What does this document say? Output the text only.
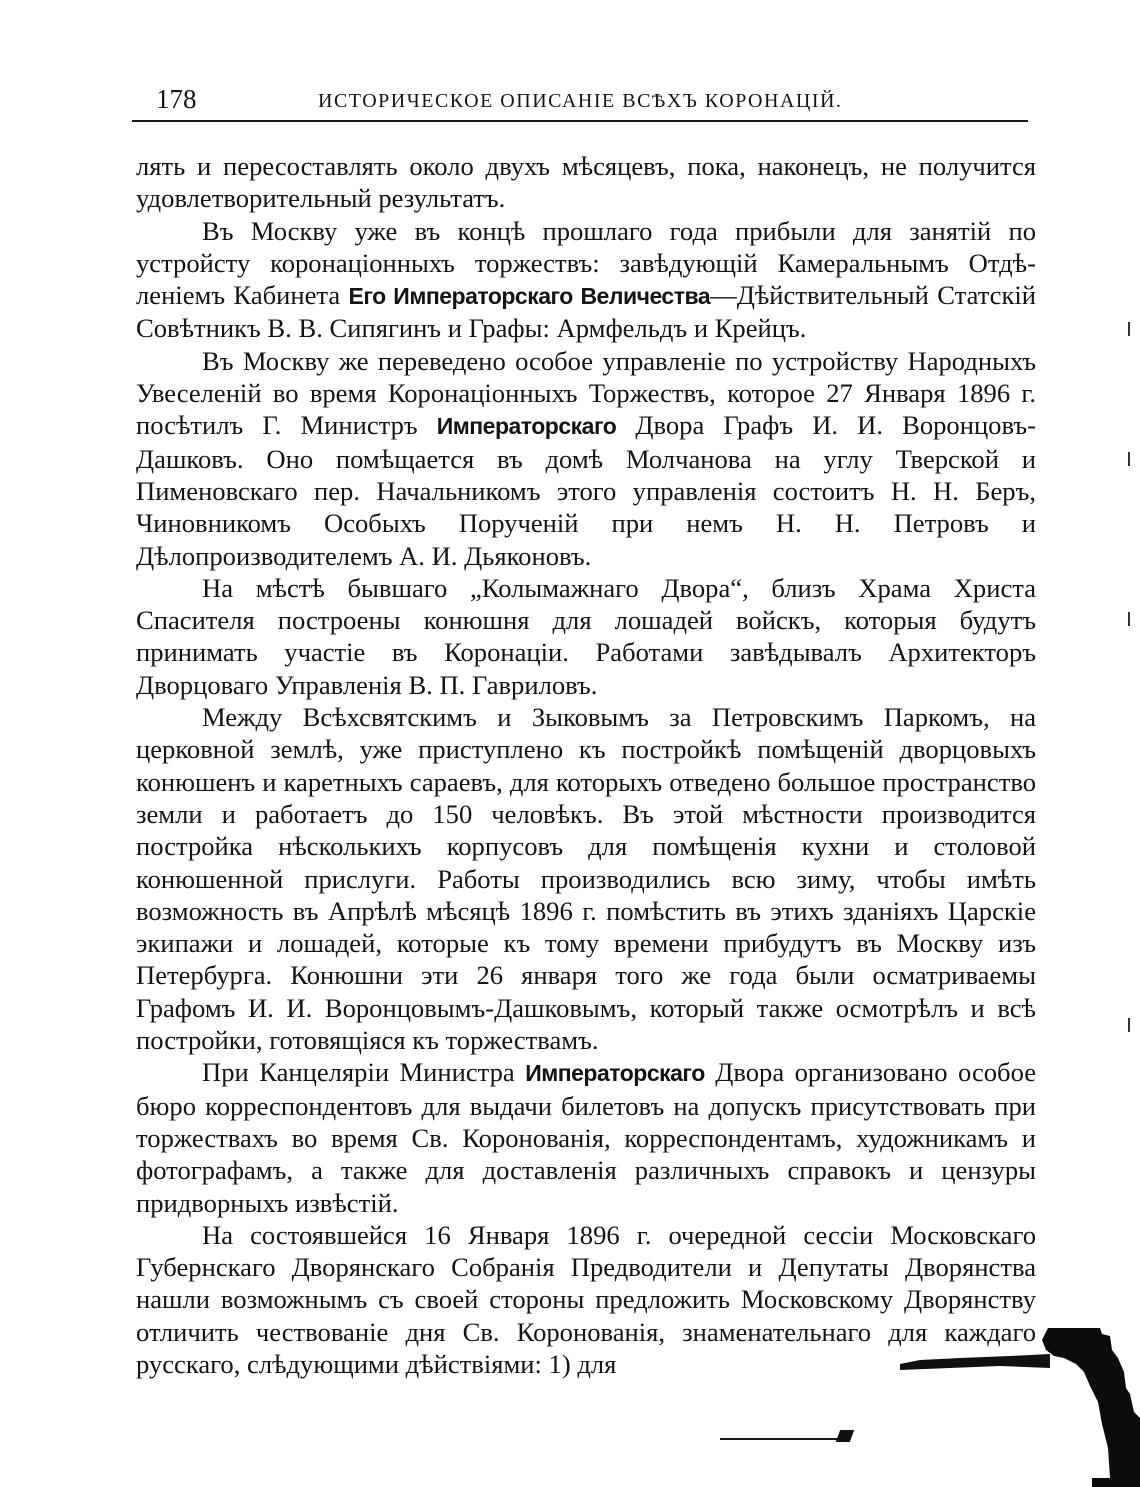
178	ИСТОРИЧЕСКОЕ ОПИСАНІЕ ВСѢХЪ КОРОНАЦІЙ.

лять и пересоставлять около двухъ мѣсяцевъ, пока, наконецъ, не получится удовлетворительный результатъ.

Въ Москву уже въ концѣ прошлаго года прибыли для занятій по устройсту коронаціонныхъ торжествъ: завѣдующій Камеральнымъ Отдѣленіемъ Кабинета Его Императорскаго Величества—Дѣйствительный Статскій Совѣтникъ В. В. Сипягинъ и Графы: Армфельдъ и Крейцъ.

Въ Москву же переведено особое управленіе по устройству Народныхъ Увеселеній во время Коронаціонныхъ Торжествъ, которое 27 Января 1896 г. посѣтилъ Г. Министръ Императорскаго Двора Графъ И. И. Воронцовъ-Дашковъ. Оно помѣщается въ домѣ Молчанова на углу Тверской и Пименовскаго пер. Начальникомъ этого управленія состоитъ Н. Н. Беръ, Чиновникомъ Особыхъ Порученій при немъ Н. Н. Петровъ и Дѣлопроизводителемъ А. И. Дьяконовъ.

На мѣстѣ бывшаго „Колымажнаго Двора“, близъ Храма Христа Спасителя построены конюшня для лошадей войскъ, которыя будутъ принимать участіе въ Коронаціи. Работами завѣдывалъ Архитекторъ Дворцоваго Управленія В. П. Гавриловъ.

Между Всѣхсвятскимъ и Зыковымъ за Петровскимъ Паркомъ, на церковной землѣ, уже приступлено къ постройкѣ помѣщеній дворцовыхъ конюшенъ и каретныхъ сараевъ, для которыхъ отведено большое пространство земли и работаетъ до 150 человѣкъ. Въ этой мѣстности производится постройка нѣсколькихъ корпусовъ для помѣщенія кухни и столовой конюшенной прислуги. Работы производились всю зиму, чтобы имѣть возможность въ Апрѣлѣ мѣсяцѣ 1896 г. помѣстить въ этихъ зданіяхъ Царскіе экипажи и лошадей, которые къ тому времени прибудутъ въ Москву изъ Петербурга. Конюшни эти 26 января того же года были осматриваемы Графомъ И. И. Воронцовымъ-Дашковымъ, который также осмотрѣлъ и всѣ постройки, готовящіяся къ торжествамъ.

При Канцеляріи Министра Императорскаго Двора организовано особое бюро корреспондентовъ для выдачи билетовъ на допускъ присутствовать при торжествахъ во время Св. Коронованія, корреспондентамъ, художникамъ и фотографамъ, а также для доставленія различныхъ справокъ и цензуры придворныхъ извѣстій.

На состоявшейся 16 Января 1896 г. очередной сессіи Московскаго Губернскаго Дворянскаго Собранія Предводители и Депутаты Дворянства нашли возможнымъ съ своей стороны предложить Московскому Дворянству отличить чествованіе дня Св. Коронованія, знаменательнаго для каждаго русскаго, слѣдующими дѣйствіями: 1) для
